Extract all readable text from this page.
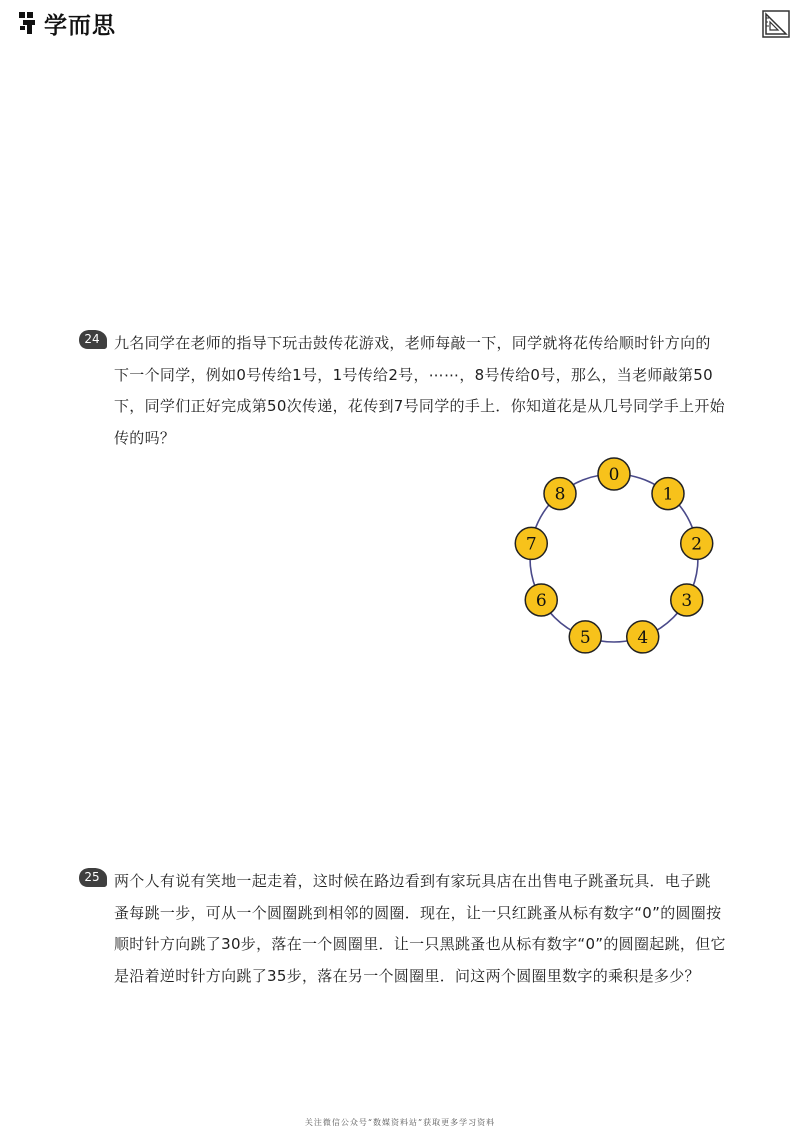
学而思
24 九名同学在老师的指导下玩击鼓传花游戏，老师每敲一下，同学就将花传给顺时针方向的
下一个同学，例如0号传给1号，1号传给2号，⋯⋯，8号传给0号，那么，当老师敲第50
下，同学们正好完成第50次传递，花传到7号同学的手上．你知道花是从几号同学手上开始
传的吗？
0
1
2
3
4
5
6
7
8
25 两个人有说有笑地一起走着，这时候在路边看到有家玩具店在出售电子跳蚤玩具．电子跳
蚤每跳一步，可从一个圆圈跳到相邻的圆圈．现在，让一只红跳蚤从标有数字“0”的圆圈按
顺时针方向跳了30步，落在一个圆圈里．让一只黑跳蚤也从标有数字“0”的圆圈起跳，但它
是沿着逆时针方向跳了35步，落在另一个圆圈里．问这两个圆圈里数字的乘积是多少？
关注微信公众号“数媒资料站”获取更多学习资料
